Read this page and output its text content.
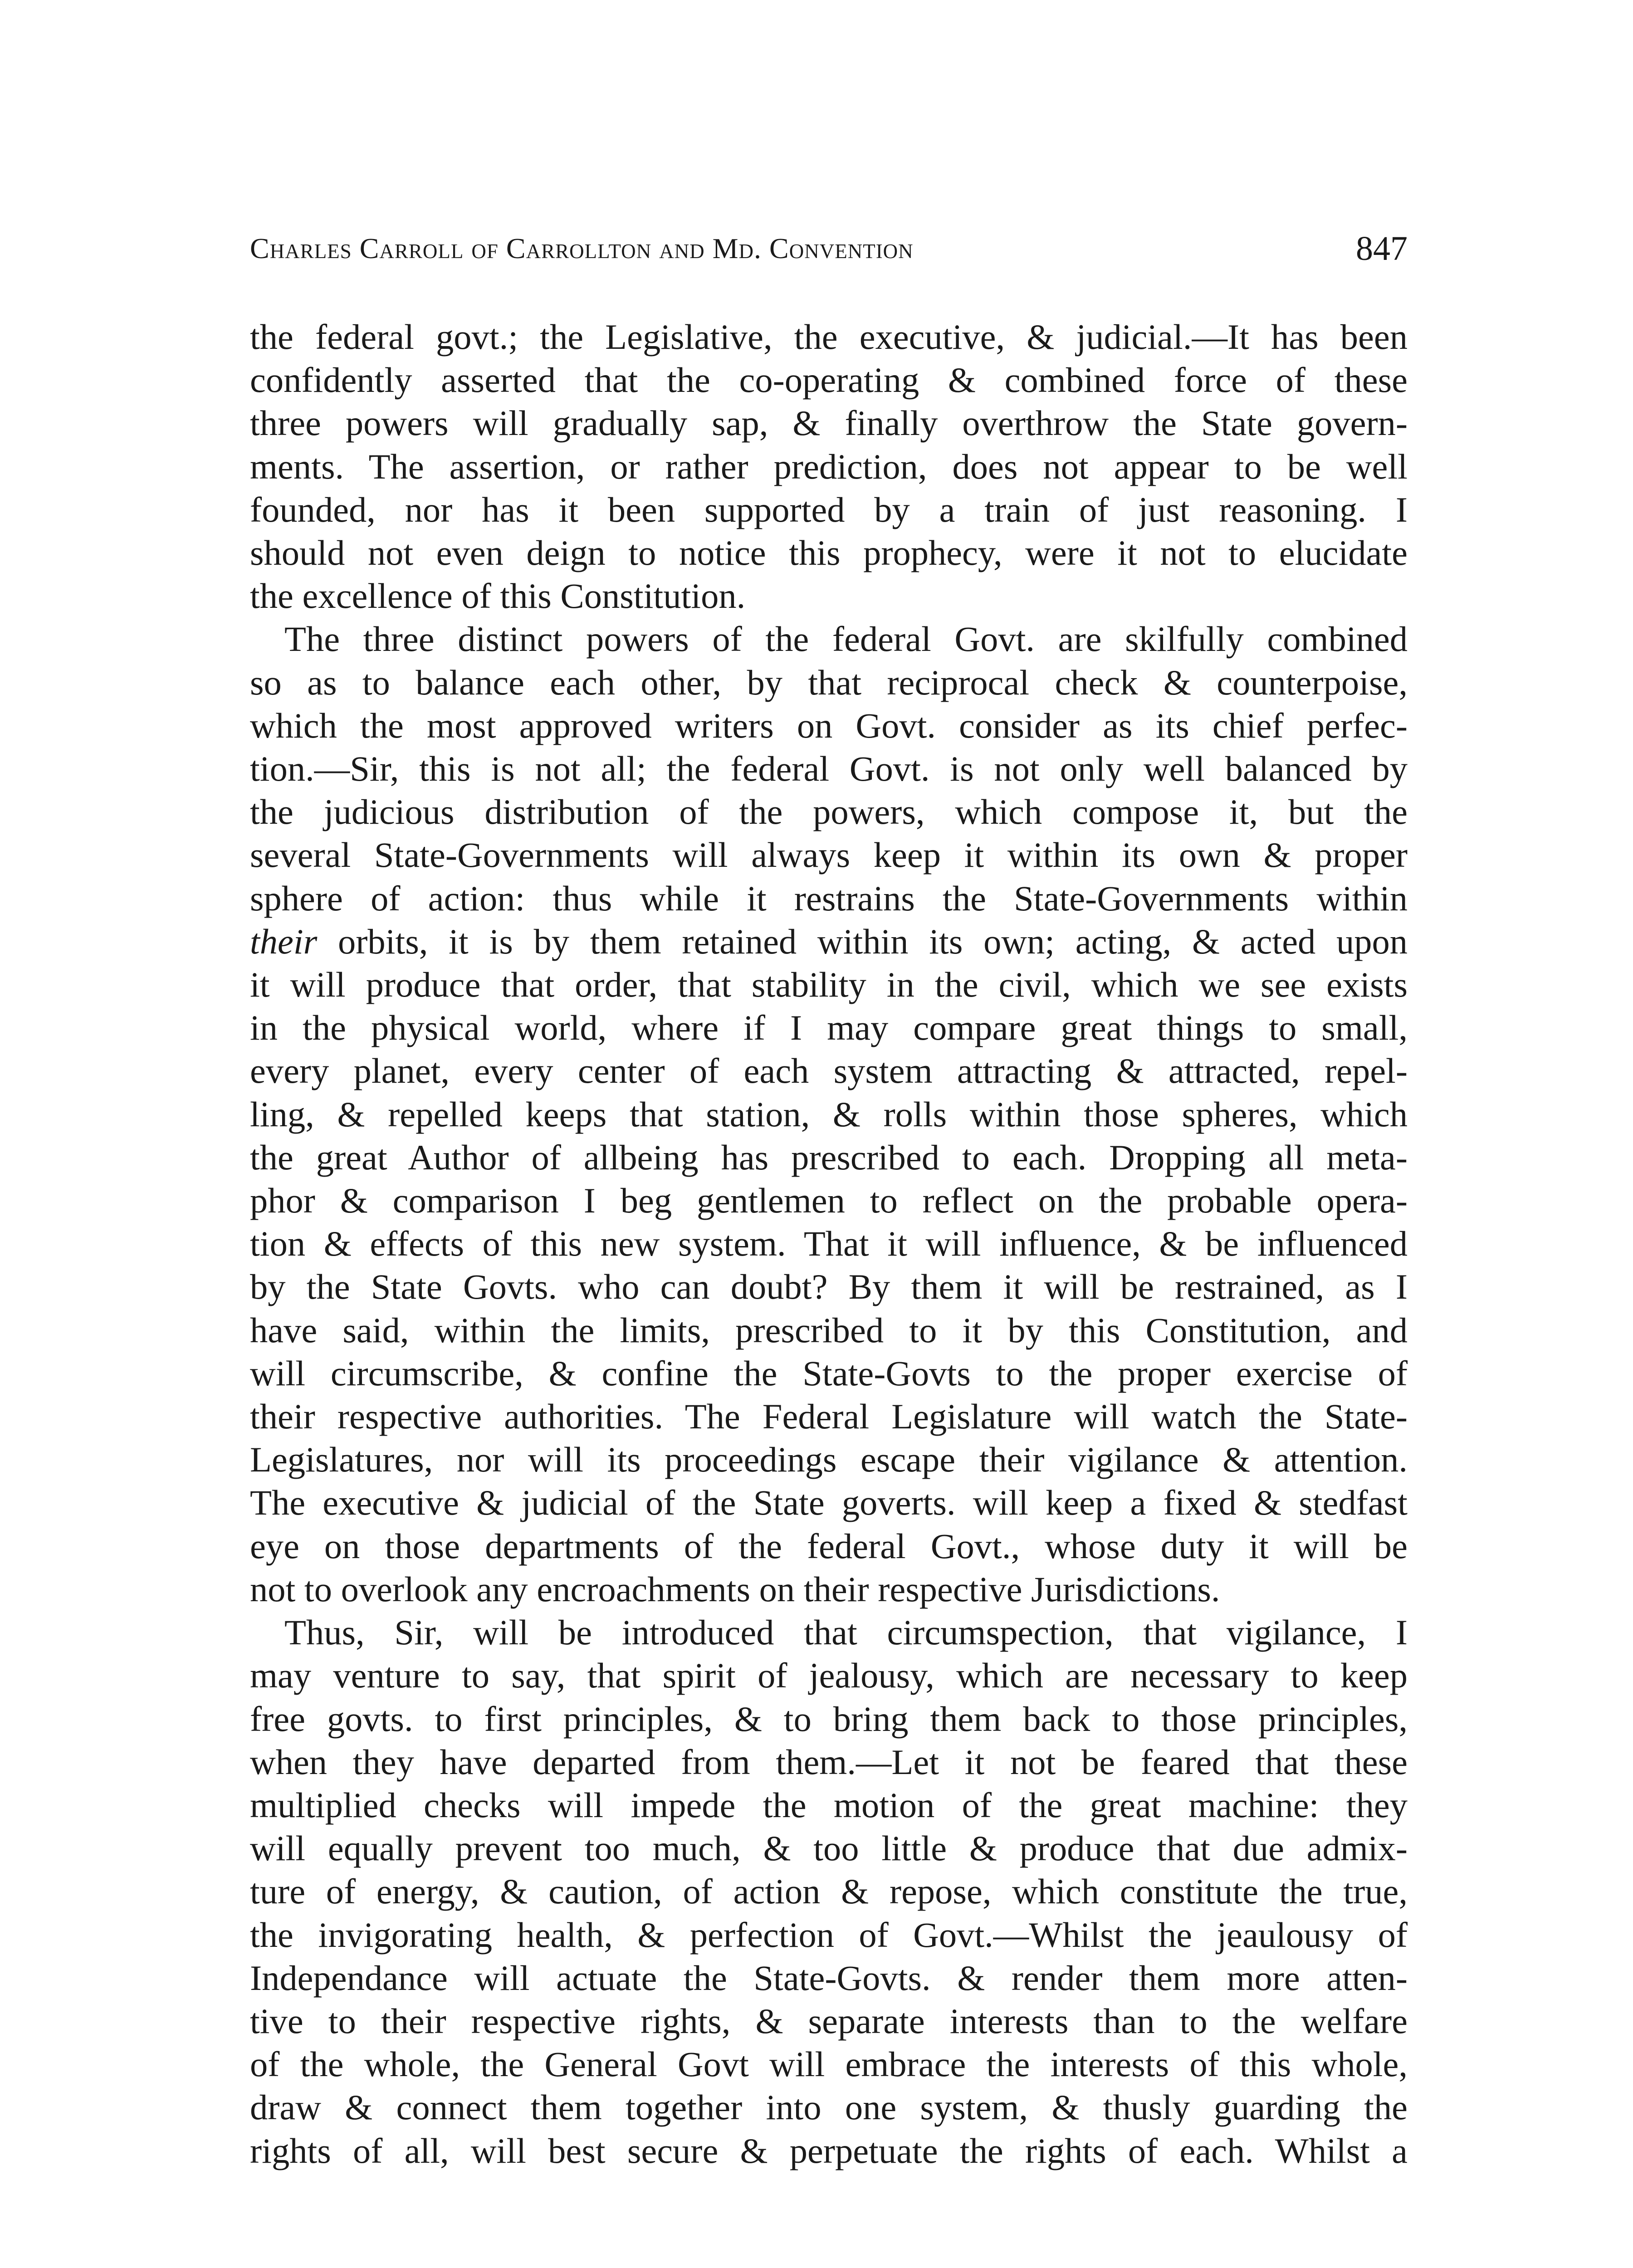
Charles Carroll of Carrollton and Md. Convention	847
the federal govt.; the Legislative, the executive, & judicial.—It has been
confidently asserted that the co-operating & combined force of these
three powers will gradually sap, & finally overthrow the State govern-
ments. The assertion, or rather prediction, does not appear to be well
founded, nor has it been supported by a train of just reasoning. I
should not even deign to notice this prophecy, were it not to elucidate
the excellence of this Constitution.
The three distinct powers of the federal Govt. are skilfully combined
so as to balance each other, by that reciprocal check & counterpoise,
which the most approved writers on Govt. consider as its chief perfec-
tion.—Sir, this is not all; the federal Govt. is not only well balanced by
the judicious distribution of the powers, which compose it, but the
several State-Governments will always keep it within its own & proper
sphere of action: thus while it restrains the State-Governments within
their orbits, it is by them retained within its own; acting, & acted upon
it will produce that order, that stability in the civil, which we see exists
in the physical world, where if I may compare great things to small,
every planet, every center of each system attracting & attracted, repel-
ling, & repelled keeps that station, & rolls within those spheres, which
the great Author of allbeing has prescribed to each. Dropping all meta-
phor & comparison I beg gentlemen to reflect on the probable opera-
tion & effects of this new system. That it will influence, & be influenced
by the State Govts. who can doubt? By them it will be restrained, as I
have said, within the limits, prescribed to it by this Constitution, and
will circumscribe, & confine the State-Govts to the proper exercise of
their respective authorities. The Federal Legislature will watch the State-
Legislatures, nor will its proceedings escape their vigilance & attention.
The executive & judicial of the State goverts. will keep a fixed & stedfast
eye on those departments of the federal Govt., whose duty it will be
not to overlook any encroachments on their respective Jurisdictions.
Thus, Sir, will be introduced that circumspection, that vigilance, I
may venture to say, that spirit of jealousy, which are necessary to keep
free govts. to first principles, & to bring them back to those principles,
when they have departed from them.—Let it not be feared that these
multiplied checks will impede the motion of the great machine: they
will equally prevent too much, & too little & produce that due admix-
ture of energy, & caution, of action & repose, which constitute the true,
the invigorating health, & perfection of Govt.—Whilst the jeaulousy of
Independance will actuate the State-Govts. & render them more atten-
tive to their respective rights, & separate interests than to the welfare
of the whole, the General Govt will embrace the interests of this whole,
draw & connect them together into one system, & thusly guarding the
rights of all, will best secure & perpetuate the rights of each. Whilst a
